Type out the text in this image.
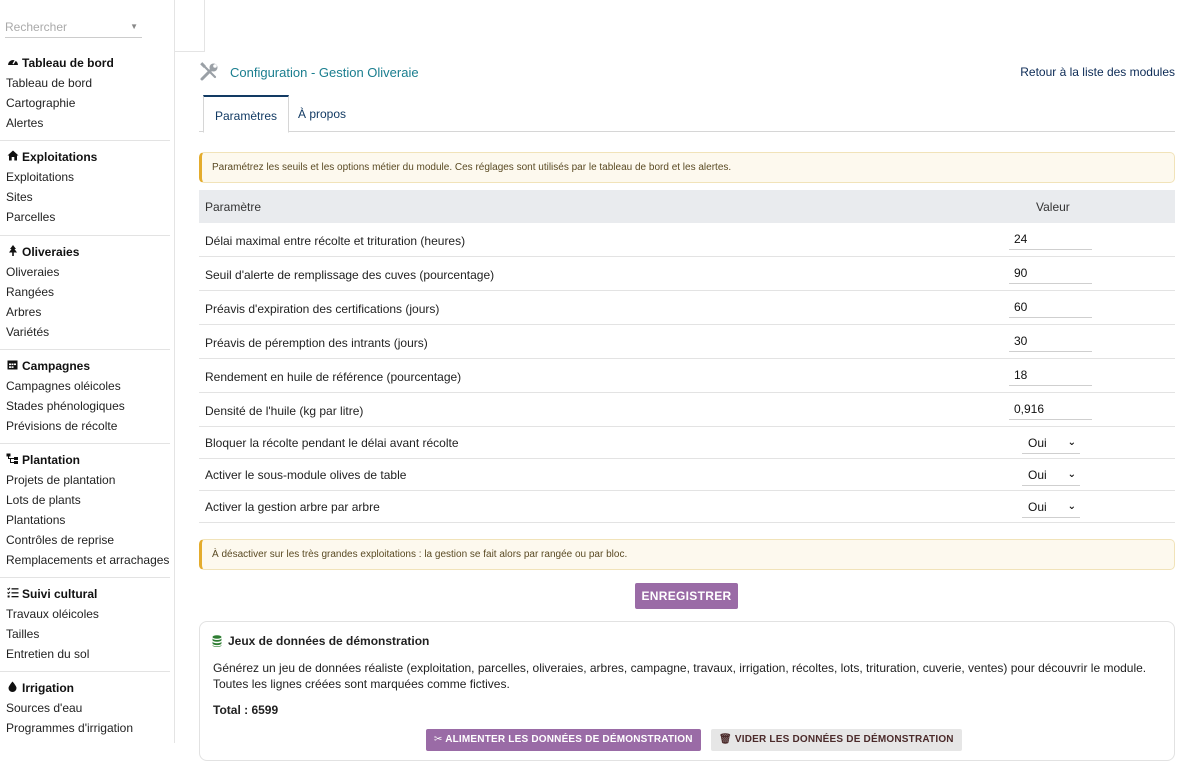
Rechercher	▼
Tableau de bord
Tableau de bord
Cartographie
Alertes
Exploitations
Exploitations
Sites
Parcelles
Oliveraies
Oliveraies
Rangées
Arbres
Variétés
Campagnes
Campagnes oléicoles
Stades phénologiques
Prévisions de récolte
Plantation
Projets de plantation
Lots de plants
Plantations
Contrôles de reprise
Remplacements et arrachages
Suivi cultural
Travaux oléicoles
Tailles
Entretien du sol
Irrigation
Sources d'eau
Programmes d'irrigation
Configuration - Gestion Oliveraie	Retour à la liste des modules
Paramètres	À propos
Paramétrez les seuils et les options métier du module. Ces réglages sont utilisés par le tableau de bord et les alertes.
Paramètre	Valeur
Délai maximal entre récolte et trituration (heures)	24
Seuil d'alerte de remplissage des cuves (pourcentage)	90
Préavis d'expiration des certifications (jours)	60
Préavis de péremption des intrants (jours)	30
Rendement en huile de référence (pourcentage)	18
Densité de l'huile (kg par litre)	0,916
Bloquer la récolte pendant le délai avant récolte	Oui ⌄
Activer le sous-module olives de table	Oui ⌄
Activer la gestion arbre par arbre	Oui ⌄
À désactiver sur les très grandes exploitations : la gestion se fait alors par rangée ou par bloc.
ENREGISTRER
Jeux de données de démonstration
Générez un jeu de données réaliste (exploitation, parcelles, oliveraies, arbres, campagne, travaux, irrigation, récoltes, lots, trituration, cuverie, ventes) pour découvrir le module. Toutes les lignes créées sont marquées comme fictives.
Total : 6599
✂ ALIMENTER LES DONNÉES DE DÉMONSTRATION	🗑 VIDER LES DONNÉES DE DÉMONSTRATION
